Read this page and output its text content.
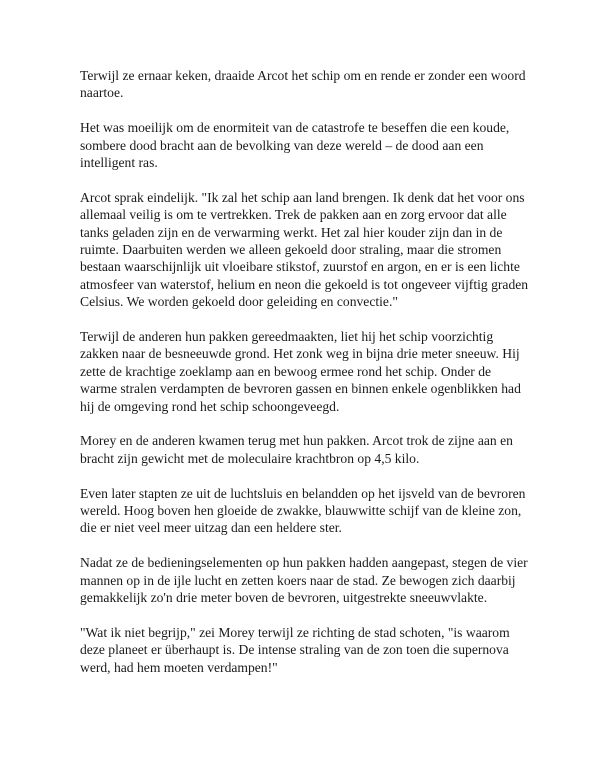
Terwijl ze ernaar keken, draaide Arcot het schip om en rende er zonder een woord naartoe.

Het was moeilijk om de enormiteit van de catastrofe te beseffen die een koude, sombere dood bracht aan de bevolking van deze wereld – de dood aan een intelligent ras.

Arcot sprak eindelijk. "Ik zal het schip aan land brengen. Ik denk dat het voor ons allemaal veilig is om te vertrekken. Trek de pakken aan en zorg ervoor dat alle tanks geladen zijn en de verwarming werkt. Het zal hier kouder zijn dan in de ruimte. Daarbuiten werden we alleen gekoeld door straling, maar die stromen bestaan waarschijnlijk uit vloeibare stikstof, zuurstof en argon, en er is een lichte atmosfeer van waterstof, helium en neon die gekoeld is tot ongeveer vijftig graden Celsius. We worden gekoeld door geleiding en convectie."

Terwijl de anderen hun pakken gereedmaakten, liet hij het schip voorzichtig zakken naar de besneeuwde grond. Het zonk weg in bijna drie meter sneeuw. Hij zette de krachtige zoeklamp aan en bewoog ermee rond het schip. Onder de warme stralen verdampten de bevroren gassen en binnen enkele ogenblikken had hij de omgeving rond het schip schoongeveegd.

Morey en de anderen kwamen terug met hun pakken. Arcot trok de zijne aan en bracht zijn gewicht met de moleculaire krachtbron op 4,5 kilo.

Even later stapten ze uit de luchtsluis en belandden op het ijsveld van de bevroren wereld. Hoog boven hen gloeide de zwakke, blauwwitte schijf van de kleine zon, die er niet veel meer uitzag dan een heldere ster.

Nadat ze de bedieningselementen op hun pakken hadden aangepast, stegen de vier mannen op in de ijle lucht en zetten koers naar de stad. Ze bewogen zich daarbij gemakkelijk zo'n drie meter boven de bevroren, uitgestrekte sneeuwvlakte.

"Wat ik niet begrijp," zei Morey terwijl ze richting de stad schoten, "is waarom deze planeet er überhaupt is. De intense straling van de zon toen die supernova werd, had hem moeten verdampen!"
